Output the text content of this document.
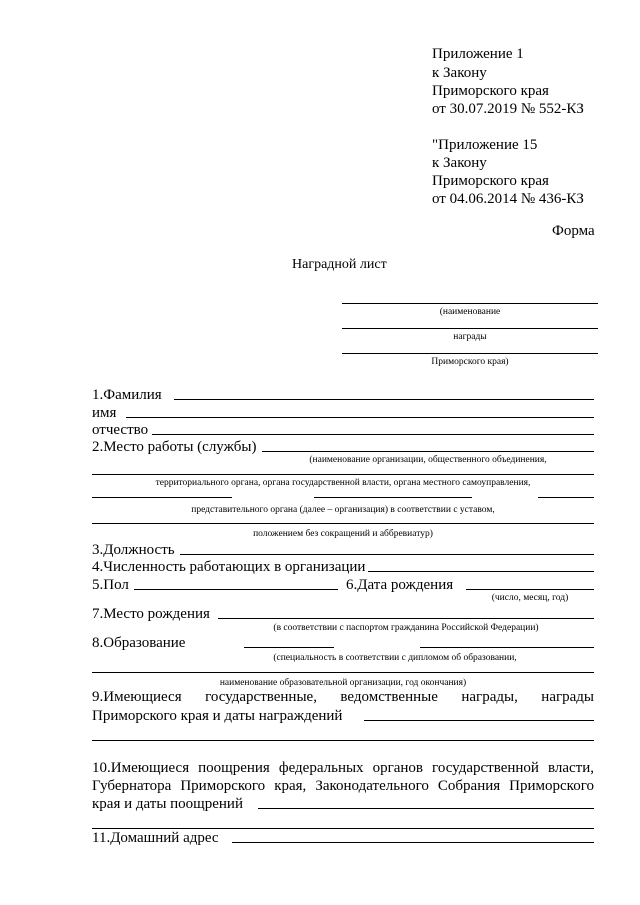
Приложение 1
к Закону
Приморского края
от 30.07.2019 № 552-КЗ
"Приложение 15
к Закону
Приморского края
от 04.06.2014 № 436-КЗ
Форма
Наградной лист
(наименование
награды
Приморского края)
1.Фамилия
имя
отчество
2.Место работы (службы)
(наименование организации, общественного объединения,
территориального органа, органа государственной власти, органа местного самоуправления,
представительного органа (далее – организация) в соответствии с уставом,
положением без сокращений и аббревиатур)
3.Должность
4.Численность работающих в организации
5.Пол	6.Дата рождения
(число, месяц, год)
7.Место рождения
(в соответствии с паспортом гражданина Российской Федерации)
8.Образование
(специальность в соответствии с дипломом об образовании,
наименование образовательной организации, год окончания)
9.Имеющиеся государственные, ведомственные награды, награды
Приморского края и даты награждений
10.Имеющиеся поощрения федеральных органов государственной власти,
Губернатора Приморского края, Законодательного Собрания Приморского
края и даты поощрений
11.Домашний адрес
